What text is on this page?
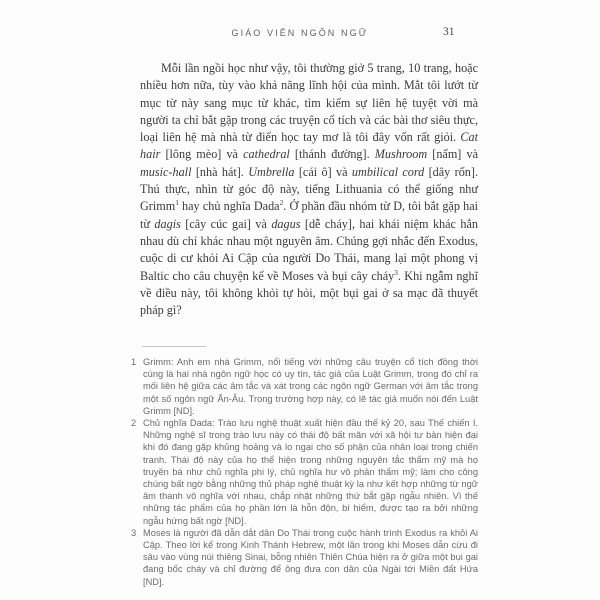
GIÁO VIÊN NGÔN NGỮ	31

Mỗi lần ngồi học như vậy, tôi thường giở 5 trang, 10 trang, hoặc nhiều hơn nữa, tùy vào khả năng lĩnh hội của mình. Mắt tôi lướt từ mục từ này sang mục từ khác, tìm kiếm sự liên hệ tuyệt vời mà người ta chỉ bắt gặp trong các truyện cổ tích và các bài thơ siêu thực, loại liên hệ mà nhà từ điển học tay mơ là tôi đây vốn rất giỏi. Cat hair [lông mèo] và cathedral [thánh đường]. Mushroom [nấm] và music-hall [nhà hát]. Umbrella [cái ô] và umbilical cord [dây rốn]. Thú thực, nhìn từ góc độ này, tiếng Lithuania có thể giống như Grimm$^1$ hay chủ nghĩa Dada$^2$. Ở phần đầu nhóm từ D, tôi bắt gặp hai từ dagis [cây cúc gai] và dagus [dễ cháy], hai khái niệm khác hẳn nhau dù chỉ khác nhau một nguyên âm. Chúng gợi nhắc đến Exodus, cuộc di cư khỏi Ai Cập của người Do Thái, mang lại một phong vị Baltic cho câu chuyện kể về Moses và bụi cây cháy$^3$. Khi ngẫm nghĩ về điều này, tôi không khỏi tự hỏi, một bụi gai ở sa mạc đã thuyết pháp gì?

1 Grimm: Anh em nhà Grimm, nổi tiếng với những câu truyện cổ tích đồng thời cùng là hai nhà ngôn ngữ học có uy tín, tác giả của Luật Grimm, trong đó chỉ ra mối liên hệ giữa các âm tắc và xát trong các ngôn ngữ German với âm tắc trong một số ngôn ngữ Ấn-Âu. Trong trường hợp này, có lẽ tác giả muốn nói đến Luật Grimm [ND].
2 Chủ nghĩa Dada: Trào lưu nghệ thuật xuất hiện đầu thế kỷ 20, sau Thế chiến I. Những nghệ sĩ trong trào lưu này có thái độ bất mãn với xã hội tư bản hiện đại khi đó đang gặp khủng hoảng và lo ngại cho số phận của nhân loại trong chiến tranh. Thái độ này của họ thể hiện trong những nguyên tắc thẩm mỹ mà họ truyền bá như chủ nghĩa phi lý, chủ nghĩa hư vô phản thẩm mỹ; làm cho công chúng bất ngờ bằng những thủ pháp nghệ thuật kỳ lạ như kết hợp những từ ngữ âm thanh vô nghĩa với nhau, chắp nhặt những thứ bắt gặp ngẫu nhiên. Vì thế những tác phẩm của họ phần lớn là hỗn độn, bí hiểm, được tạo ra bởi những ngẫu hứng bất ngờ [ND].
3 Moses là người đã dẫn dắt dân Do Thái trong cuộc hành trình Exodus ra khỏi Ai Cập. Theo lời kể trong Kinh Thánh Hebrew, một lần trong khi Moses dẫn cừu đi sâu vào vùng núi thiêng Sinai, bỗng nhiên Thiên Chúa hiện ra ở giữa một bụi gai đang bốc cháy và chỉ đường để ông đưa con dân của Ngài tới Miền đất Hứa [ND].
